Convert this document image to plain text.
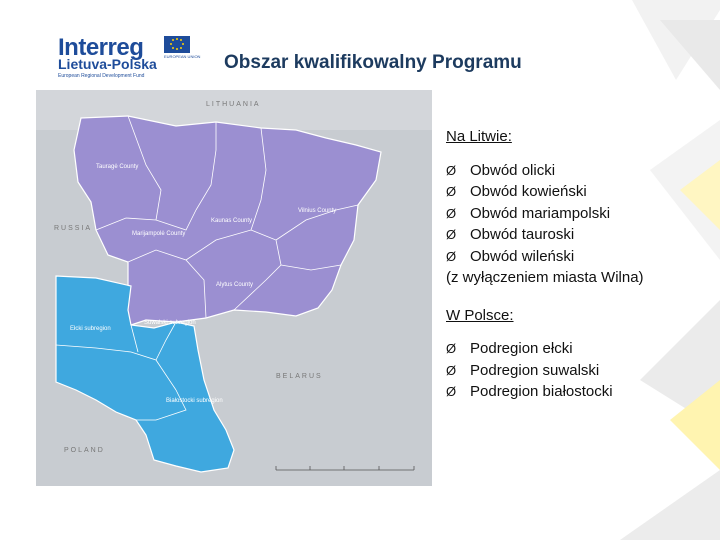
Interreg	EUROPEAN UNION
Lietuva-Polska
European Regional Development Fund
Obszar kwalifikowalny Programu
LITHUANIA
RUSSIA
BELARUS
POLAND
Tauragė County
Marijampolė County
Kaunas County
Vilnius County
Alytus County
Ełcki subregion
Suwalski subregion
Białostocki subregion
Na Litwie:
Ø Obwód olicki
Ø Obwód kowieński
Ø Obwód mariampolski
Ø Obwód tauroski
Ø Obwód wileński
(z wyłączeniem miasta Wilna)
W Polsce:
Ø Podregion ełcki
Ø Podregion suwalski
Ø Podregion białostocki
